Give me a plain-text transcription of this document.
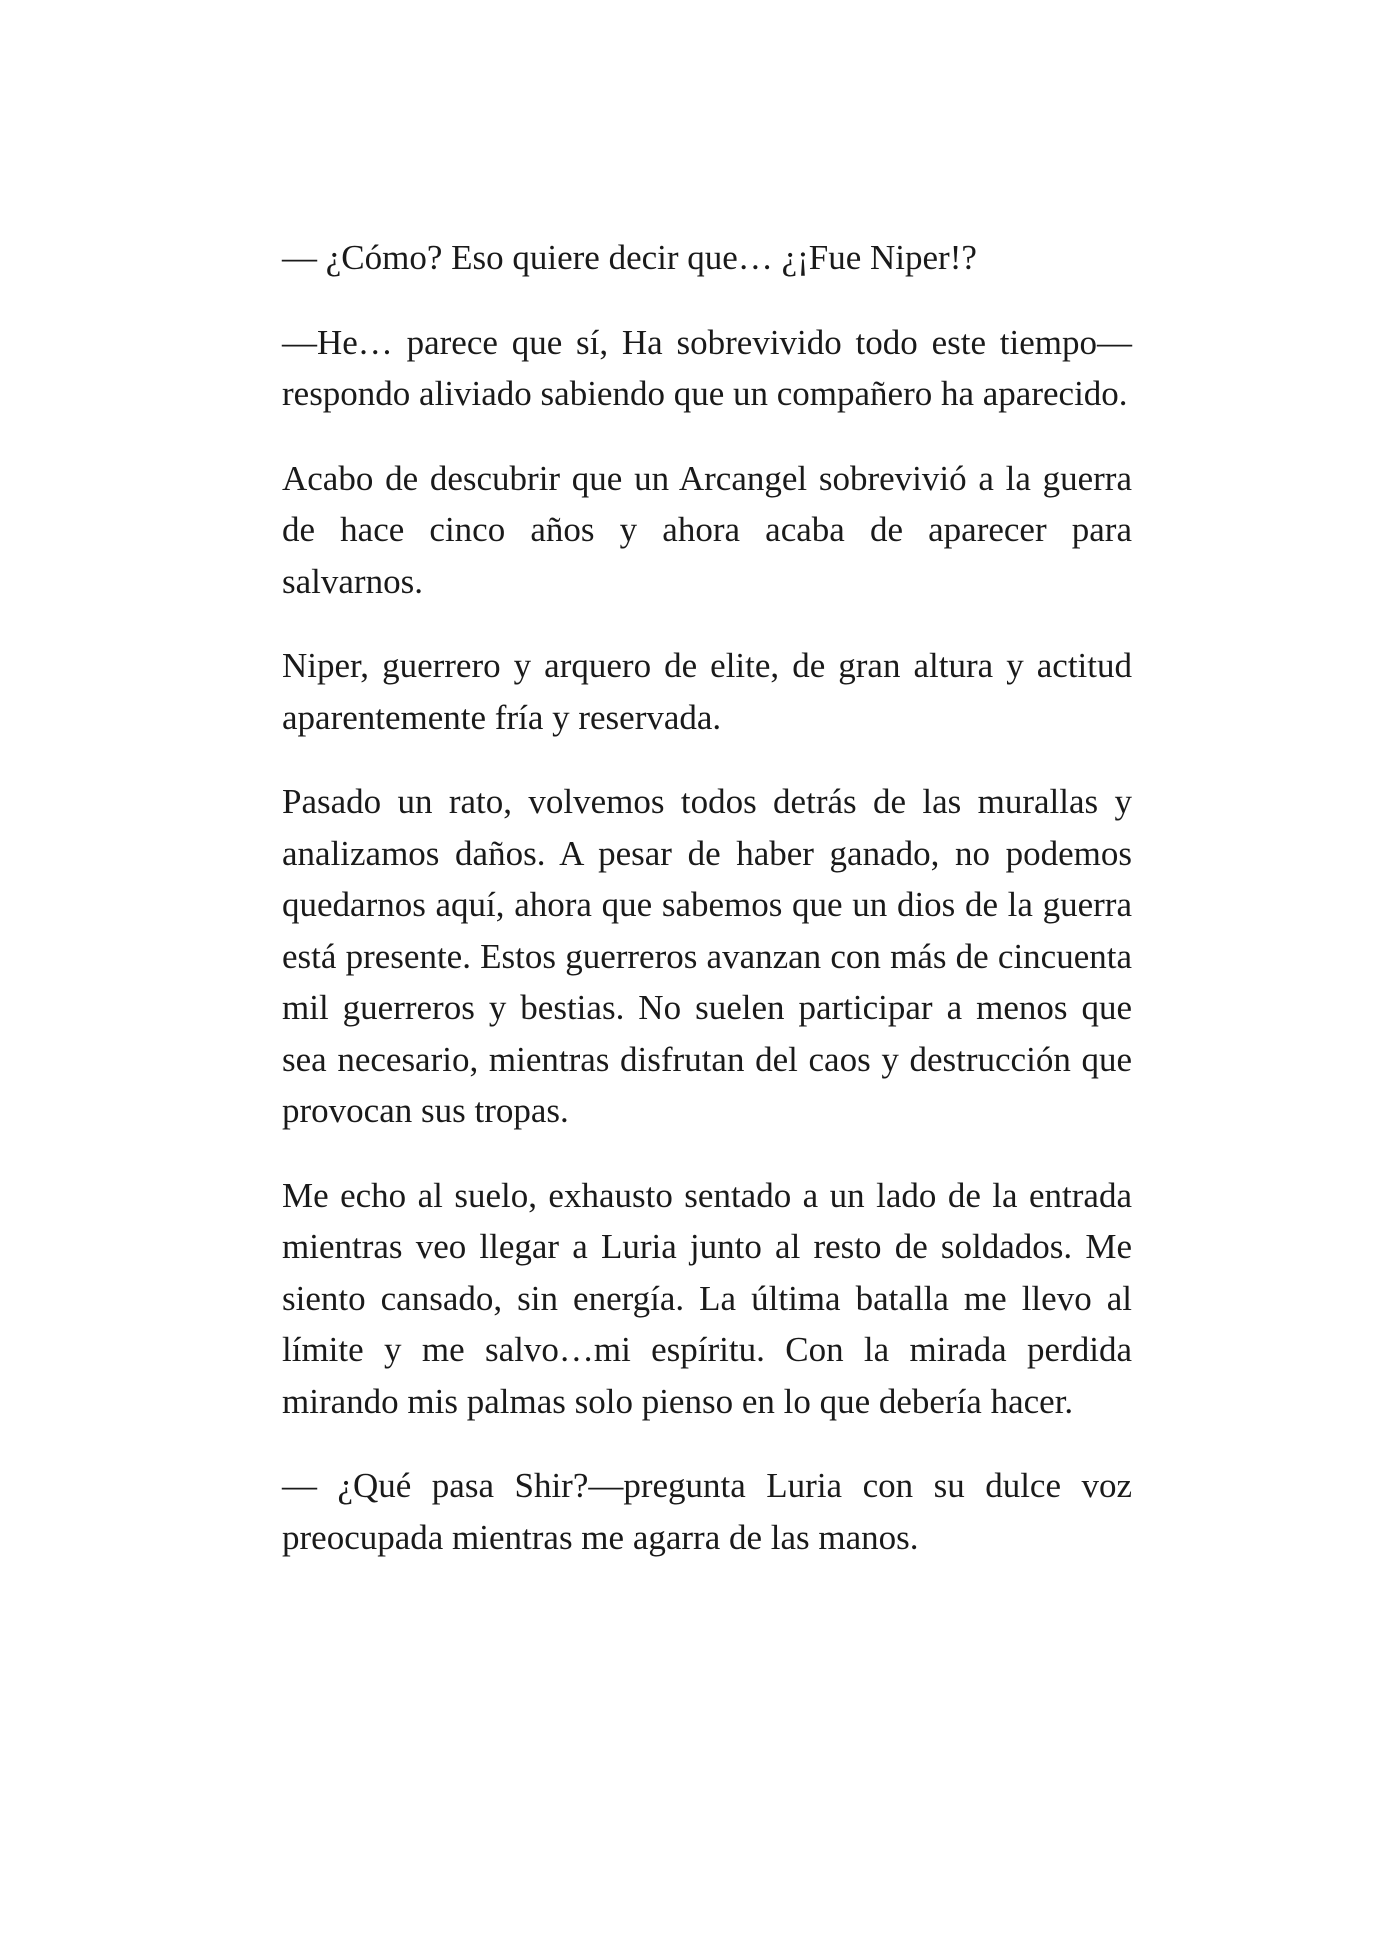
— ¿Cómo? Eso quiere decir que… ¿¡Fue Niper!?

—He… parece que sí, Ha sobrevivido todo este tiempo—respondo aliviado sabiendo que un compañero ha aparecido.

Acabo de descubrir que un Arcangel sobrevivió a la guerra de hace cinco años y ahora acaba de aparecer para salvarnos.

Niper, guerrero y arquero de elite, de gran altura y actitud aparentemente fría y reservada.

Pasado un rato, volvemos todos detrás de las murallas y analizamos daños. A pesar de haber ganado, no podemos quedarnos aquí, ahora que sabemos que un dios de la guerra está presente. Estos guerreros avanzan con más de cincuenta mil guerreros y bestias. No suelen participar a menos que sea necesario, mientras disfrutan del caos y destrucción que provocan sus tropas.

Me echo al suelo, exhausto sentado a un lado de la entrada mientras veo llegar a Luria junto al resto de soldados. Me siento cansado, sin energía. La última batalla me llevo al límite y me salvo…mi espíritu. Con la mirada perdida mirando mis palmas solo pienso en lo que debería hacer.

— ¿Qué pasa Shir?—pregunta Luria con su dulce voz preocupada mientras me agarra de las manos.
